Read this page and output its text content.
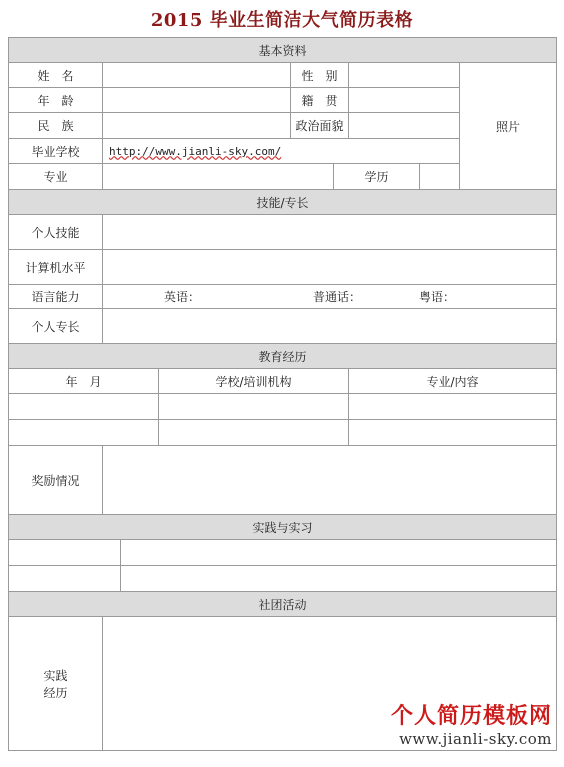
2015 毕业生简洁大气简历表格
基本资料								
姓　名				性　别				照片
年　龄				籍　贯				
民　族				政治面貌				
毕业学校	http://www.jianli-sky.com/							
专业					学历			
技能/专长								
个人技能								
计算机水平								
语言能力	英语： 普通话： 粤语：							

个人专长								
教育经历								
年　月			学校/培训机构			专业/内容		

奖励情况								
实践与实习								

社团活动								

实践
经历								

个人简历模板网
www.jianli-sky.com
